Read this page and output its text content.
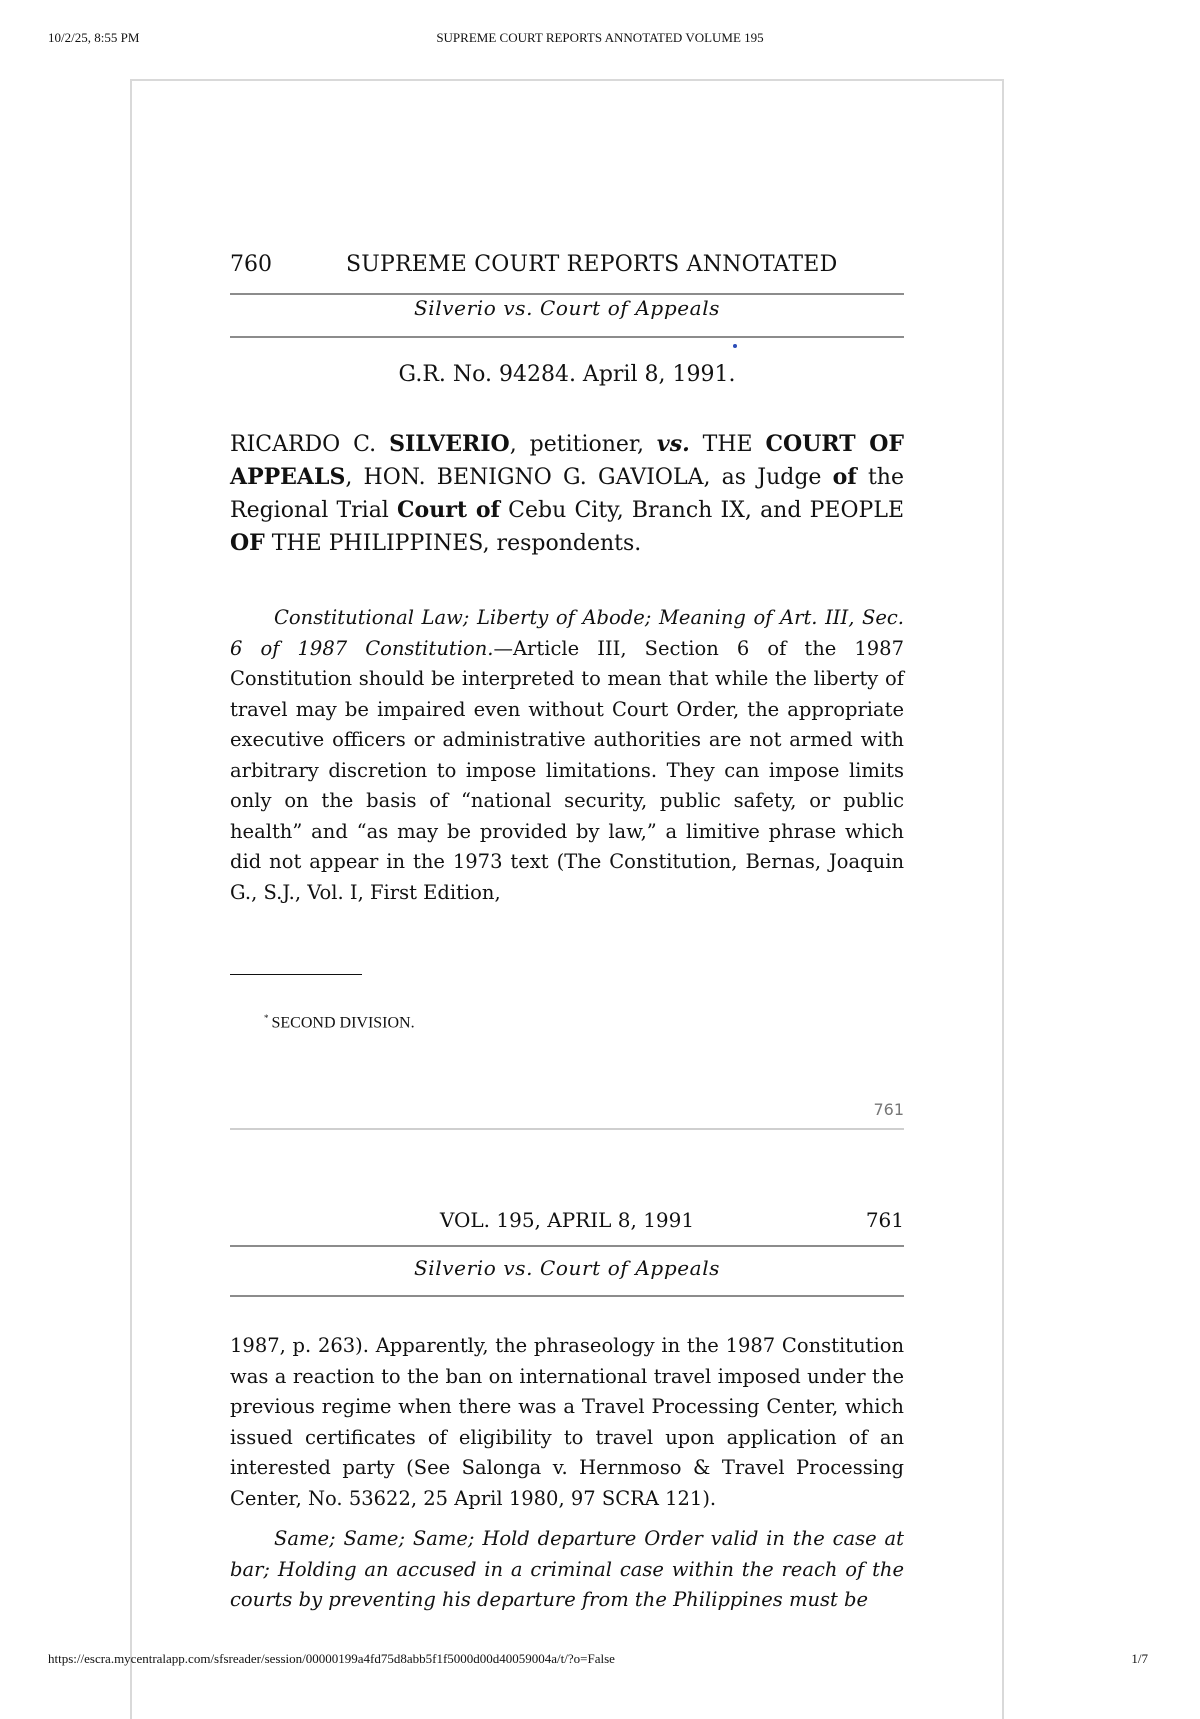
10/2/25, 8:55 PM	SUPREME COURT REPORTS ANNOTATED VOLUME 195
760	SUPREME COURT REPORTS ANNOTATED
Silverio vs. Court of Appeals
G.R. No. 94284. April 8, 1991.
RICARDO C. SILVERIO, petitioner, vs. THE COURT OF APPEALS, HON. BENIGNO G. GAVIOLA, as Judge of the Regional Trial Court of Cebu City, Branch IX, and PEOPLE OF THE PHILIPPINES, respondents.
Constitutional Law; Liberty of Abode; Meaning of Art. III, Sec. 6 of 1987 Constitution.—Article III, Section 6 of the 1987 Constitution should be interpreted to mean that while the liberty of travel may be impaired even without Court Order, the appropriate executive officers or administrative authorities are not armed with arbitrary discretion to impose limitations. They can impose limits only on the basis of “national security, public safety, or public health” and “as may be provided by law,” a limitive phrase which did not appear in the 1973 text (The Constitution, Bernas, Joaquin G., S.J., Vol. I, First Edition,
* SECOND DIVISION.
761
VOL. 195, APRIL 8, 1991	761
Silverio vs. Court of Appeals
1987, p. 263). Apparently, the phraseology in the 1987 Constitution was a reaction to the ban on international travel imposed under the previous regime when there was a Travel Processing Center, which issued certificates of eligibility to travel upon application of an interested party (See Salonga v. Hernmoso & Travel Processing Center, No. 53622, 25 April 1980, 97 SCRA 121).
Same; Same; Same; Hold departure Order valid in the case at bar; Holding an accused in a criminal case within the reach of the courts by preventing his departure from the Philippines must be
https://escra.mycentralapp.com/sfsreader/session/00000199a4fd75d8abb5f1f5000d00d40059004a/t/?o=False	1/7
